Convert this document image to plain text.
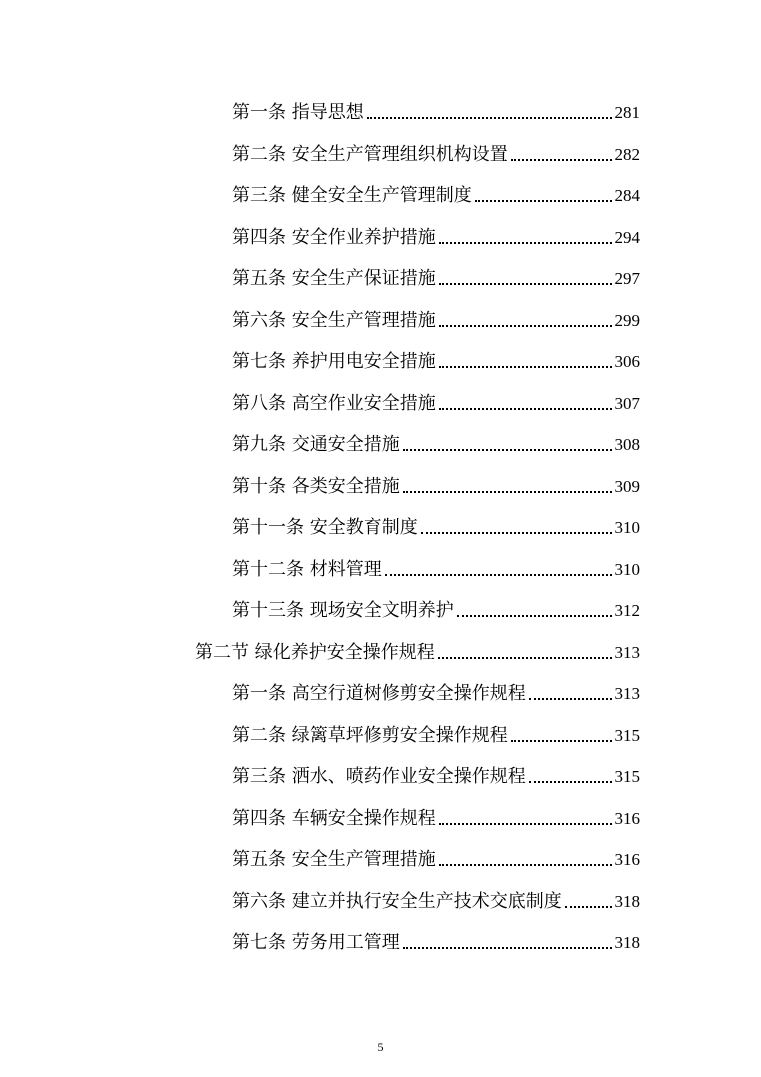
第一条 指导思想	281
第二条 安全生产管理组织机构设置	282
第三条 健全安全生产管理制度	284
第四条 安全作业养护措施	294
第五条 安全生产保证措施	297
第六条 安全生产管理措施	299
第七条 养护用电安全措施	306
第八条 高空作业安全措施	307
第九条 交通安全措施	308
第十条 各类安全措施	309
第十一条 安全教育制度	310
第十二条 材料管理	310
第十三条 现场安全文明养护	312
第二节 绿化养护安全操作规程	313
第一条 高空行道树修剪安全操作规程	313
第二条 绿篱草坪修剪安全操作规程	315
第三条 洒水、喷药作业安全操作规程	315
第四条 车辆安全操作规程	316
第五条 安全生产管理措施	316
第六条 建立并执行安全生产技术交底制度	318
第七条 劳务用工管理	318
5
